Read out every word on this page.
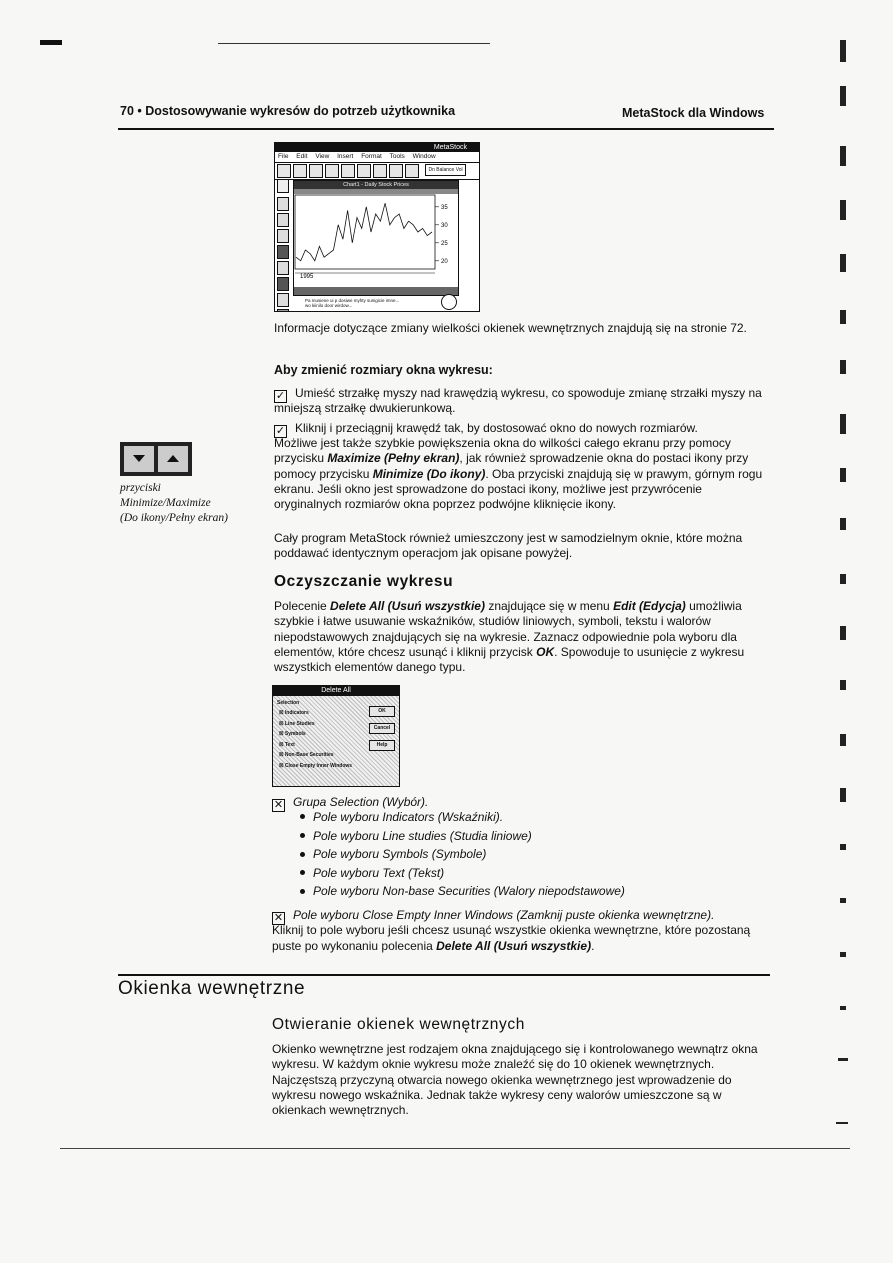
70 • Dostosowywanie wykresów do potrzeb użytkownika	MetaStock dla Windows
MetaStock
File Edit View Insert Format Tools Window
Dn Balance Vol
Chart1 - Daily Stock Prices
35
30
25
20
1995
Pa musiene ui p dosiwe myhty sunigicie imne...
wo kiinilo door wirdow...
Informacje dotyczące zmiany wielkości okienek wewnętrznych znajdują się na stronie 72.
Aby zmienić rozmiary okna wykresu:
✓ Umieść strzałkę myszy nad krawędzią wykresu, co spowoduje zmianę strzałki myszy na mniejszą strzałkę dwukierunkową.
✓ Kliknij i przeciągnij krawędź tak, by dostosować okno do nowych rozmiarów.
Możliwe jest także szybkie powiększenia okna do wilkości całego ekranu przy pomocy przycisku Maximize (Pełny ekran), jak również sprowadzenie okna do postaci ikony przy pomocy przycisku Minimize (Do ikony). Oba przyciski znajdują się w prawym, górnym rogu ekranu. Jeśli okno jest sprowadzone do postaci ikony, możliwe jest przywrócenie oryginalnych rozmiarów okna poprzez podwójne kliknięcie ikony.
Cały program MetaStock również umieszczony jest w samodzielnym oknie, które można poddawać identycznym operacjom jak opisane powyżej.
przyciski
Minimize/Maximize
(Do ikony/Pełny ekran)
Oczyszczanie wykresu
Polecenie Delete All (Usuń wszystkie) znajdujące się w menu Edit (Edycja) umożliwia szybkie i łatwe usuwanie wskaźników, studiów liniowych, symboli, tekstu i walorów niepodstawowych znajdujących się na wykresie. Zaznacz odpowiednie pola wyboru dla elementów, które chcesz usunąć i kliknij przycisk OK. Spowoduje to usunięcie z wykresu wszystkich elementów danego typu.
Delete All
Selection
☒ Indicators
☒ Line Studies
☒ Symbols
☒ Text
☒ Non-Base Securities
☒ Close Empty Inner Windows
OK
Cancel
Help
✕ Grupa Selection (Wybór).
Pole wyboru Indicators (Wskaźniki).
Pole wyboru Line studies (Studia liniowe)
Pole wyboru Symbols (Symbole)
Pole wyboru Text (Tekst)
Pole wyboru Non-base Securities (Walory niepodstawowe)
✕ Pole wyboru Close Empty Inner Windows (Zamknij puste okienka wewnętrzne).
Kliknij to pole wyboru jeśli chcesz usunąć wszystkie okienka wewnętrzne, które pozostaną puste po wykonaniu polecenia Delete All (Usuń wszystkie).
Okienka wewnętrzne
Otwieranie okienek wewnętrznych
Okienko wewnętrzne jest rodzajem okna znajdującego się i kontrolowanego wewnątrz okna wykresu. W każdym oknie wykresu może znaleźć się do 10 okienek wewnętrznych. Najczęstszą przyczyną otwarcia nowego okienka wewnętrznego jest wprowadzenie do wykresu nowego wskaźnika. Jednak także wykresy ceny walorów umieszczone są w okienkach wewnętrznych.
